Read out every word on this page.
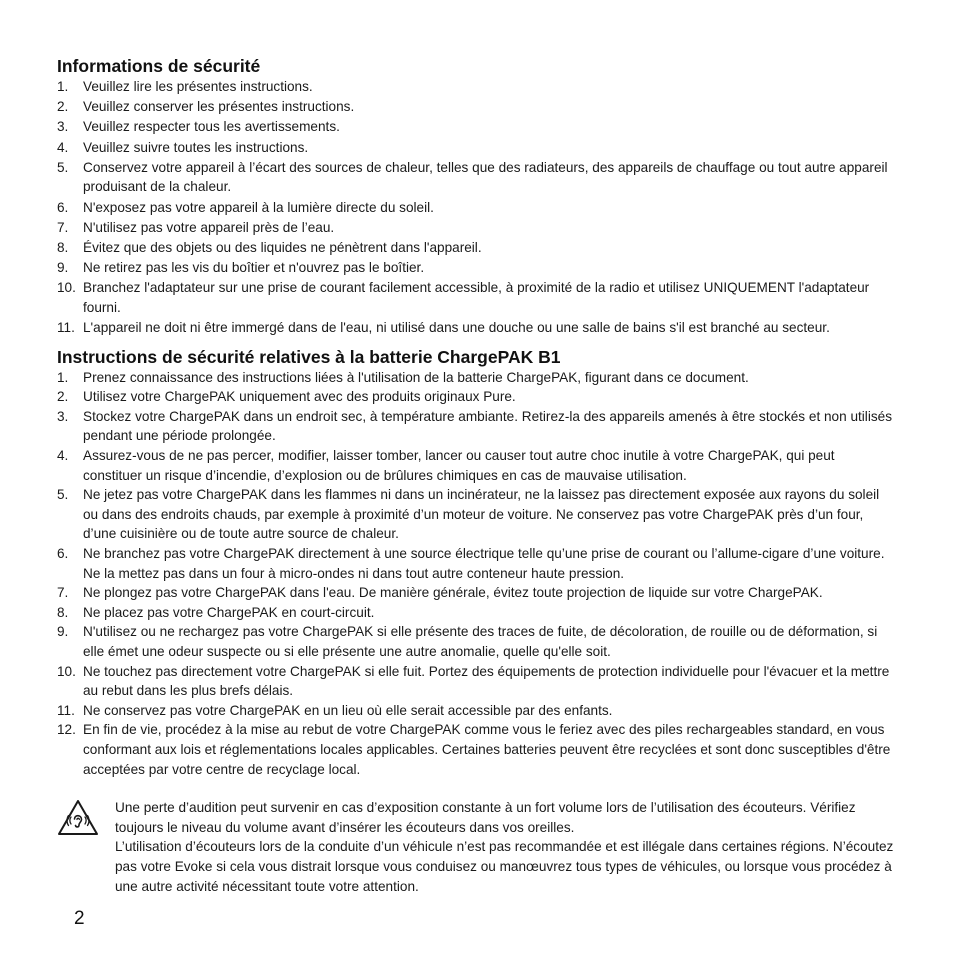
Informations de sécurité
1.	Veuillez lire les présentes instructions.
2.	Veuillez conserver les présentes instructions.
3.	Veuillez respecter tous les avertissements.
4.	Veuillez suivre toutes les instructions.
5.	Conservez votre appareil à l’écart des sources de chaleur, telles que des radiateurs, des appareils de chauffage ou tout autre appareil produisant de la chaleur.
6.	N'exposez pas votre appareil à la lumière directe du soleil.
7.	N'utilisez pas votre appareil près de l’eau.
8.	Évitez que des objets ou des liquides ne pénètrent dans l'appareil.
9.	Ne retirez pas les vis du boîtier et n'ouvrez pas le boîtier.
10. Branchez l'adaptateur sur une prise de courant facilement accessible, à proximité de la radio et utilisez UNIQUEMENT l'adaptateur fourni.
11. L'appareil ne doit ni être immergé dans de l'eau, ni utilisé dans une douche ou une salle de bains s'il est branché au secteur.
Instructions de sécurité relatives à la batterie ChargePAK B1
1.	Prenez connaissance des instructions liées à l'utilisation de la batterie ChargePAK, figurant dans ce document.
2.	Utilisez votre ChargePAK uniquement avec des produits originaux Pure.
3.	Stockez votre ChargePAK dans un endroit sec, à température ambiante. Retirez-la des appareils amenés à être stockés et non utilisés pendant une période prolongée.
4.	Assurez-vous de ne pas percer, modifier, laisser tomber, lancer ou causer tout autre choc inutile à votre ChargePAK, qui peut constituer un risque d’incendie, d’explosion ou de brûlures chimiques en cas de mauvaise utilisation.
5.	Ne jetez pas votre ChargePAK dans les flammes ni dans un incinérateur, ne la laissez pas directement exposée aux rayons du soleil ou dans des endroits chauds, par exemple à proximité d’un moteur de voiture. Ne conservez pas votre ChargePAK près d’un four, d’une cuisinière ou de toute autre source de chaleur.
6.	Ne branchez pas votre ChargePAK directement à une source électrique telle qu’une prise de courant ou l’allume-cigare d’une voiture. Ne la mettez pas dans un four à micro-ondes ni dans tout autre conteneur haute pression.
7.	Ne plongez pas votre ChargePAK dans l'eau. De manière générale, évitez toute projection de liquide sur votre ChargePAK.
8.	Ne placez pas votre ChargePAK en court-circuit.
9.	N'utilisez ou ne rechargez pas votre ChargePAK si elle présente des traces de fuite, de décoloration, de rouille ou de déformation, si elle émet une odeur suspecte ou si elle présente une autre anomalie, quelle qu'elle soit.
10. Ne touchez pas directement votre ChargePAK si elle fuit. Portez des équipements de protection individuelle pour l'évacuer et la mettre au rebut dans les plus brefs délais.
11. Ne conservez pas votre ChargePAK en un lieu où elle serait accessible par des enfants.
12. En fin de vie, procédez à la mise au rebut de votre ChargePAK comme vous le feriez avec des piles rechargeables standard, en vous conformant aux lois et réglementations locales applicables. Certaines batteries peuvent être recyclées et sont donc susceptibles d'être acceptées par votre centre de recyclage local.

Une perte d’audition peut survenir en cas d’exposition constante à un fort volume lors de l’utilisation des écouteurs. Vérifiez toujours le niveau du volume avant d’insérer les écouteurs dans vos oreilles.

L’utilisation d’écouteurs lors de la conduite d’un véhicule n’est pas recommandée et est illégale dans certaines régions. N’écoutez pas votre Evoke si cela vous distrait lorsque vous conduisez ou manœuvrez tous types de véhicules, ou lorsque vous procédez à une autre activité nécessitant toute votre attention.

2
